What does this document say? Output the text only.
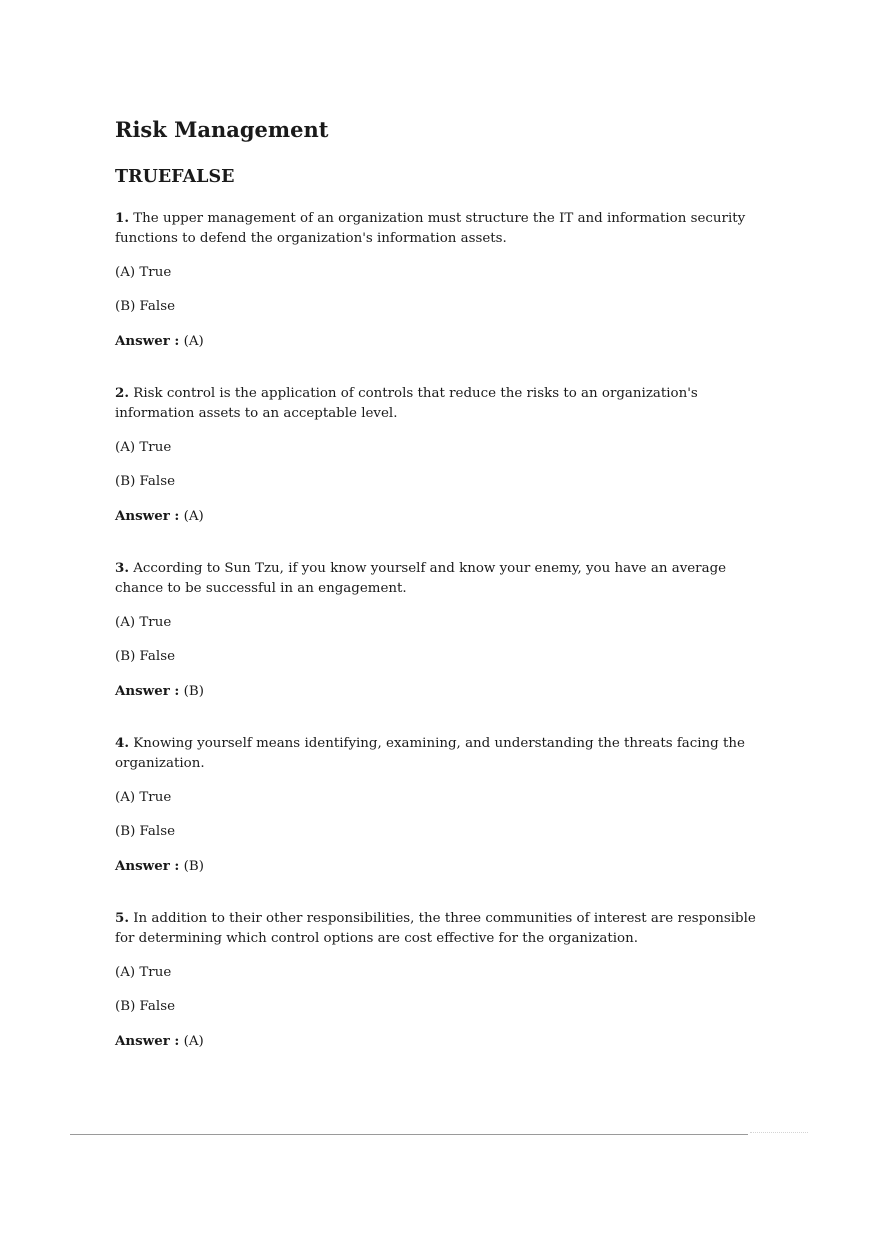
Risk Management
TRUEFALSE

1. The upper management of an organization must structure the IT and information security functions to defend the organization's information assets.

(A) True

(B) False

Answer : (A)

2. Risk control is the application of controls that reduce the risks to an organization's information assets to an acceptable level.

(A) True

(B) False

Answer : (A)

3. According to Sun Tzu, if you know yourself and know your enemy, you have an average chance to be successful in an engagement.

(A) True

(B) False

Answer : (B)

4. Knowing yourself means identifying, examining, and understanding the threats facing the organization.

(A) True

(B) False

Answer : (B)

5. In addition to their other responsibilities, the three communities of interest are responsible for determining which control options are cost effective for the organization.

(A) True

(B) False

Answer : (A)
